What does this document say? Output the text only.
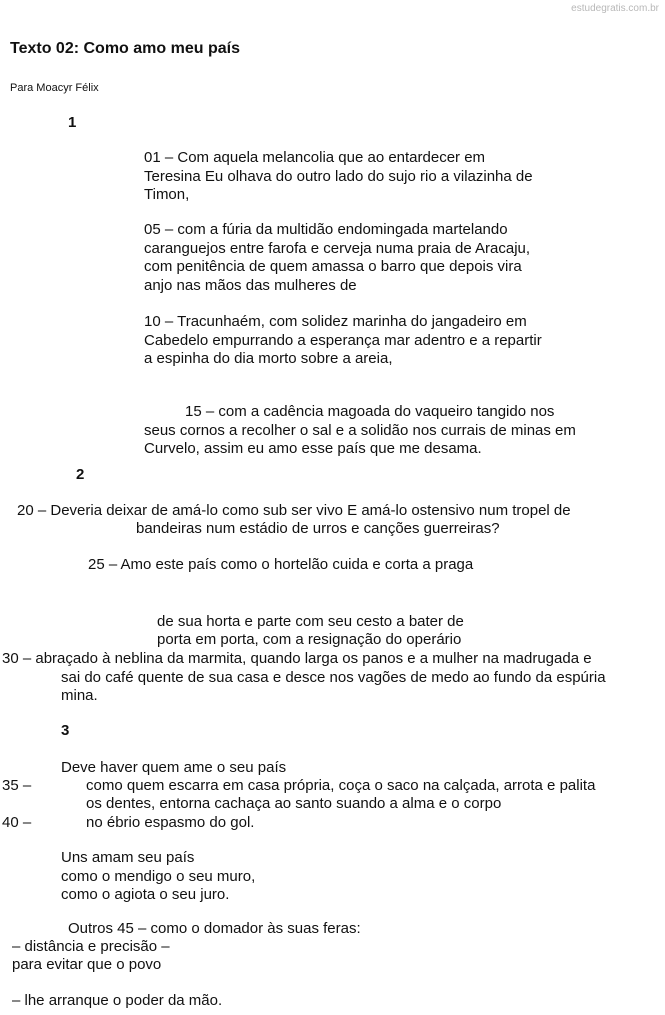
estudegratis.com.br
Texto 02: Como amo meu país
Para Moacyr Félix
1
01 – Com aquela melancolia que ao entardecer em
Teresina Eu olhava do outro lado do sujo rio a vilazinha de
Timon,
05 – com a fúria da multidão endomingada martelando
caranguejos entre farofa e cerveja numa praia de Aracaju,
com penitência de quem amassa o barro que depois vira
anjo nas mãos das mulheres de
10 – Tracunhaém, com solidez marinha do jangadeiro em
Cabedelo empurrando a esperança mar adentro e a repartir
a espinha do dia morto sobre a areia,
15 – com a cadência magoada do vaqueiro tangido nos
seus cornos a recolher o sal e a solidão nos currais de minas em
Curvelo, assim eu amo esse país que me desama.
2
20 – Deveria deixar de amá-lo como sub ser vivo E amá-lo ostensivo num tropel de
bandeiras num estádio de urros e canções guerreiras?
25 – Amo este país como o hortelão cuida e corta a praga
de sua horta e parte com seu cesto a bater de
porta em porta, com a resignação do operário
30 – abraçado à neblina da marmita, quando larga os panos e a mulher na madrugada e
sai do café quente de sua casa e desce nos vagões de medo ao fundo da espúria
mina.
3
Deve haver quem ame o seu país
35 –	como quem escarra em casa própria, coça o saco na calçada, arrota e palita
os dentes, entorna cachaça ao santo suando a alma e o corpo
40 –	no ébrio espasmo do gol.
Uns amam seu país
como o mendigo o seu muro,
como o agiota o seu juro.
Outros 45 – como o domador às suas feras:
– distância e precisão –
para evitar que o povo
– lhe arranque o poder da mão.
